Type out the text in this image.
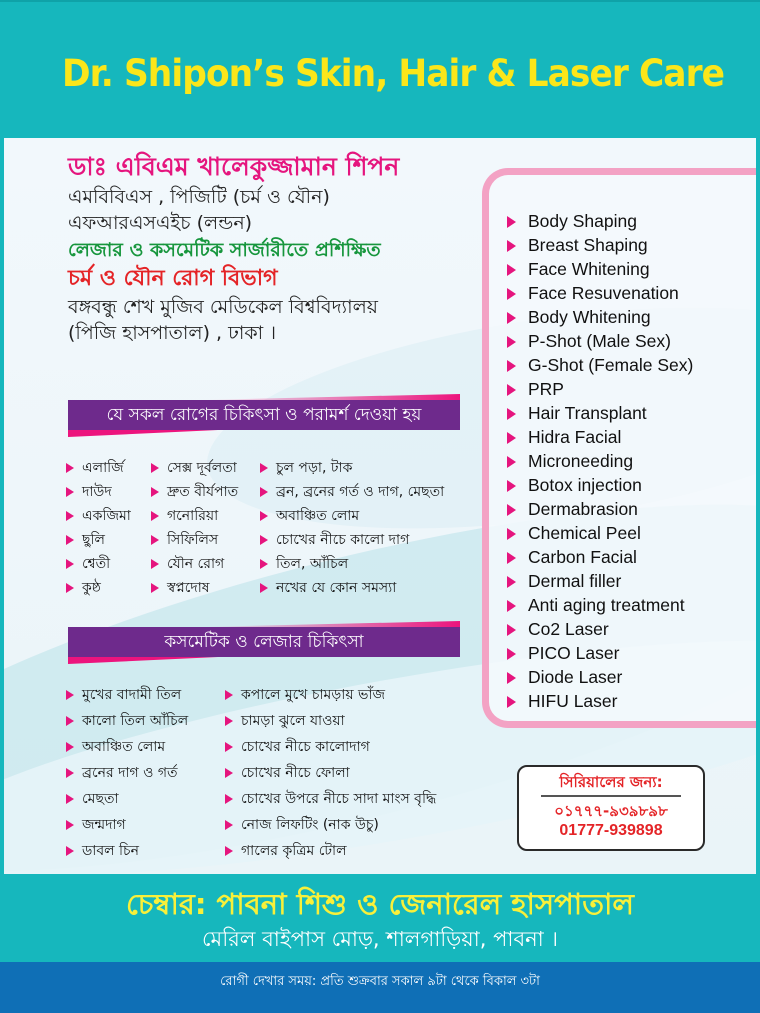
Dr. Shipon’s Skin, Hair & Laser Care
ডাঃ এবিএম খালেকুজ্জামান শিপন
এমবিবিএস , পিজিটি (চর্ম ও যৌন)
এফআরএসএইচ (লন্ডন)
লেজার ও কসমেটিক সার্জারীতে প্রশিক্ষিত
চর্ম ও যৌন রোগ বিভাগ
বঙ্গবন্ধু শেখ মুজিব মেডিকেল বিশ্ববিদ্যালয়
(পিজি হাসপাতাল) , ঢাকা ।
যে সকল রোগের চিকিৎসা ও পরামর্শ দেওয়া হয়
এলার্জি
দাউদ
একজিমা
ছুলি
শ্বেতী
কুষ্ঠ
সেক্স দূর্বলতা
দ্রুত বীর্যপাত
গনোরিয়া
সিফিলিস
যৌন রোগ
স্বপ্নদোষ
চুল পড়া, টাক
ব্রন, ব্রনের গর্ত ও দাগ, মেছতা
অবাঞ্চিত লোম
চোখের নীচে কালো দাগ
তিল, আঁচিল
নখের যে কোন সমস্যা
কসমেটিক ও লেজার চিকিৎসা
মুখের বাদামী তিল
কালো তিল আঁচিল
অবাঞ্চিত লোম
ব্রনের দাগ ও গর্ত
মেছতা
জন্মদাগ
ডাবল চিন
কপালে মুখে চামড়ায় ভাঁজ
চামড়া ঝুলে যাওয়া
চোখের নীচে কালোদাগ
চোখের নীচে ফোলা
চোখের উপরে নীচে সাদা মাংস বৃদ্ধি
নোজ লিফটিং (নাক উচু)
গালের কৃত্রিম টোল
Body Shaping
Breast Shaping
Face Whitening
Face Resuvenation
Body Whitening
P-Shot (Male Sex)
G-Shot (Female Sex)
PRP
Hair Transplant
Hidra Facial
Microneeding
Botox injection
Dermabrasion
Chemical Peel
Carbon Facial
Dermal filler
Anti aging treatment
Co2 Laser
PICO Laser
Diode Laser
HIFU Laser
সিরিয়ালের জন্য:
০১৭৭৭-৯৩৯৮৯৮
01777-939898
চেম্বার: পাবনা শিশু ও জেনারেল হাসপাতাল
মেরিল বাইপাস মোড়, শালগাড়িয়া, পাবনা ।
রোগী দেখার সময়: প্রতি শুক্রবার সকাল ৯টা থেকে বিকাল ৩টা
